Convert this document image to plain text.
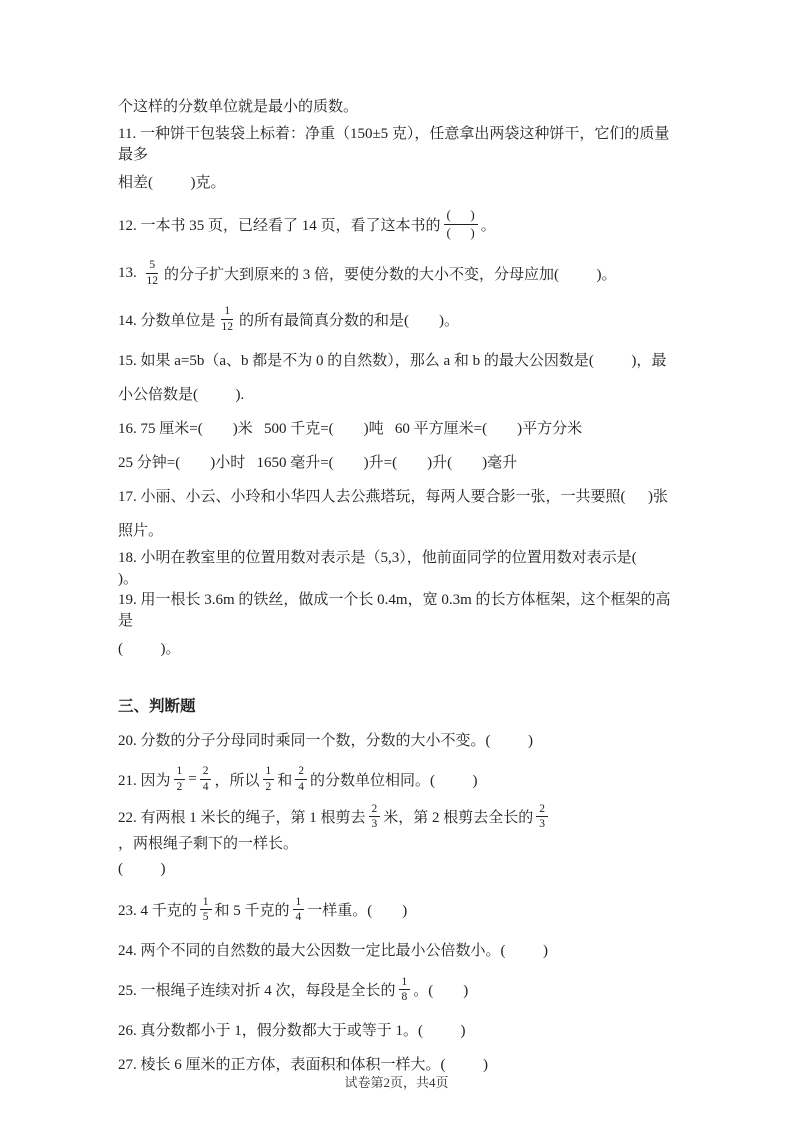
个这样的分数单位就是最小的质数。
11. 一种饼干包装袋上标着：净重（150±5 克），任意拿出两袋这种饼干，它们的质量最多
相差(          )克。
12. 一本书 35 页，已经看了 14 页，看了这本书的 $\frac{( )}{( )}$ 。
13. $\frac{5}{12}$ 的分子扩大到原来的 3 倍，要使分数的大小不变，分母应加(          )。
14. 分数单位是 $\frac{1}{12}$ 的所有最简真分数的和是(        )。
15. 如果 a=5b（a、b 都是不为 0 的自然数），那么 a 和 b 的最大公因数是(          )，最
小公倍数是(          ).
16. 75 厘米=(        )米   500 千克=(        )吨   60 平方厘米=(        )平方分米
25 分钟=(        )小时   1650 毫升=(        )升=(        )升(        )毫升
17. 小丽、小云、小玲和小华四人去公燕塔玩，每两人要合影一张，一共要照(      )张
照片。
18. 小明在教室里的位置用数对表示是（5,3），他前面同学的位置用数对表示是(          )。
19. 用一根长 3.6m 的铁丝，做成一个长 0.4m，宽 0.3m 的长方体框架，这个框架的高是
(          )。
三、判断题
20. 分数的分子分母同时乘同一个数，分数的大小不变。(          )
21. 因为 $\frac{1}{2} = \frac{2}{4}$ ，所以 $\frac{1}{2}$ 和 $\frac{2}{4}$ 的分数单位相同。(          )
22. 有两根 1 米长的绳子，第 1 根剪去 $\frac{2}{3}$ 米，第 2 根剪去全长的 $\frac{2}{3}$
，两根绳子剩下的一样长。
(          )
23. 4 千克的 $\frac{1}{5}$ 和 5 千克的 $\frac{1}{4}$ 一样重。(        )
24. 两个不同的自然数的最大公因数一定比最小公倍数小。(          )
25. 一根绳子连续对折 4 次，每段是全长的 $\frac{1}{8}$ 。(        )
26. 真分数都小于 1，假分数都大于或等于 1。(          )
27. 棱长 6 厘米的正方体，表面积和体积一样大。(          )
试卷第2页，共4页
